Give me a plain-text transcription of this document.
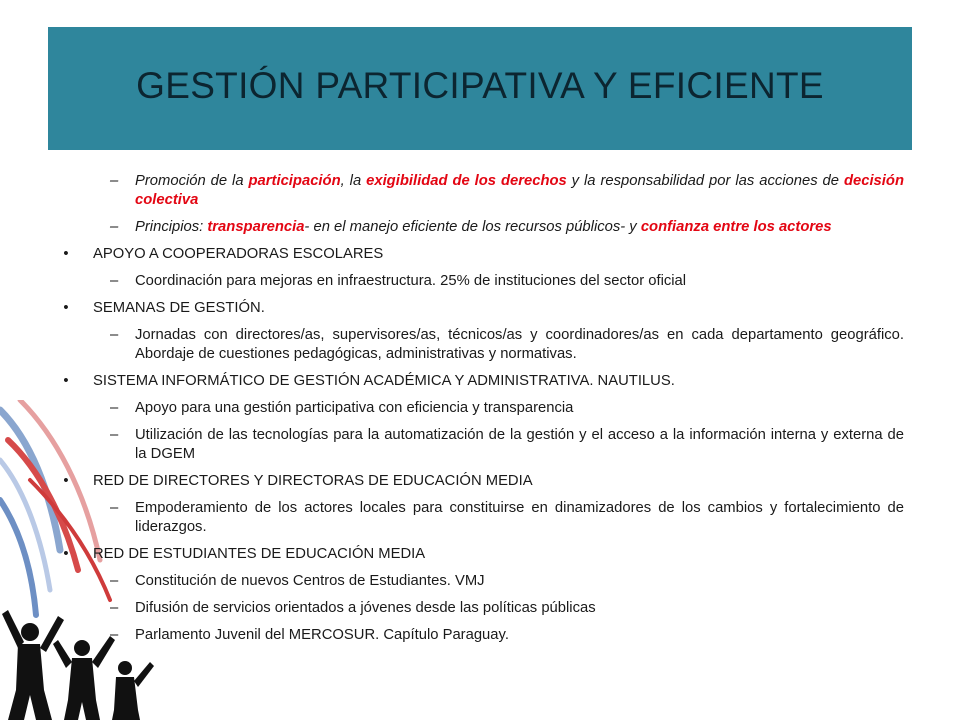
GESTIÓN PARTICIPATIVA Y EFICIENTE
– Promoción de la participación, la exigibilidad de los derechos y la responsabilidad por las acciones de decisión colectiva
– Principios: transparencia- en el manejo eficiente de los recursos públicos- y confianza entre los actores
• APOYO A COOPERADORAS ESCOLARES
– Coordinación para mejoras en infraestructura. 25% de instituciones del sector oficial
• SEMANAS DE GESTIÓN.
– Jornadas con directores/as, supervisores/as, técnicos/as y coordinadores/as en cada departamento geográfico. Abordaje de cuestiones pedagógicas, administrativas y normativas.
• SISTEMA INFORMÁTICO DE GESTIÓN ACADÉMICA Y ADMINISTRATIVA. NAUTILUS.
– Apoyo para una gestión participativa con eficiencia y transparencia
– Utilización de las tecnologías para la automatización de la gestión y el acceso a la información interna y externa de la DGEM
• RED DE DIRECTORES Y DIRECTORAS DE EDUCACIÓN MEDIA
– Empoderamiento de los actores locales para constituirse en dinamizadores de los cambios y fortalecimiento de liderazgos.
• RED DE ESTUDIANTES DE EDUCACIÓN MEDIA
– Constitución de nuevos Centros de Estudiantes. VMJ
– Difusión de servicios orientados a jóvenes desde las políticas públicas
– Parlamento Juvenil del MERCOSUR. Capítulo Paraguay.
